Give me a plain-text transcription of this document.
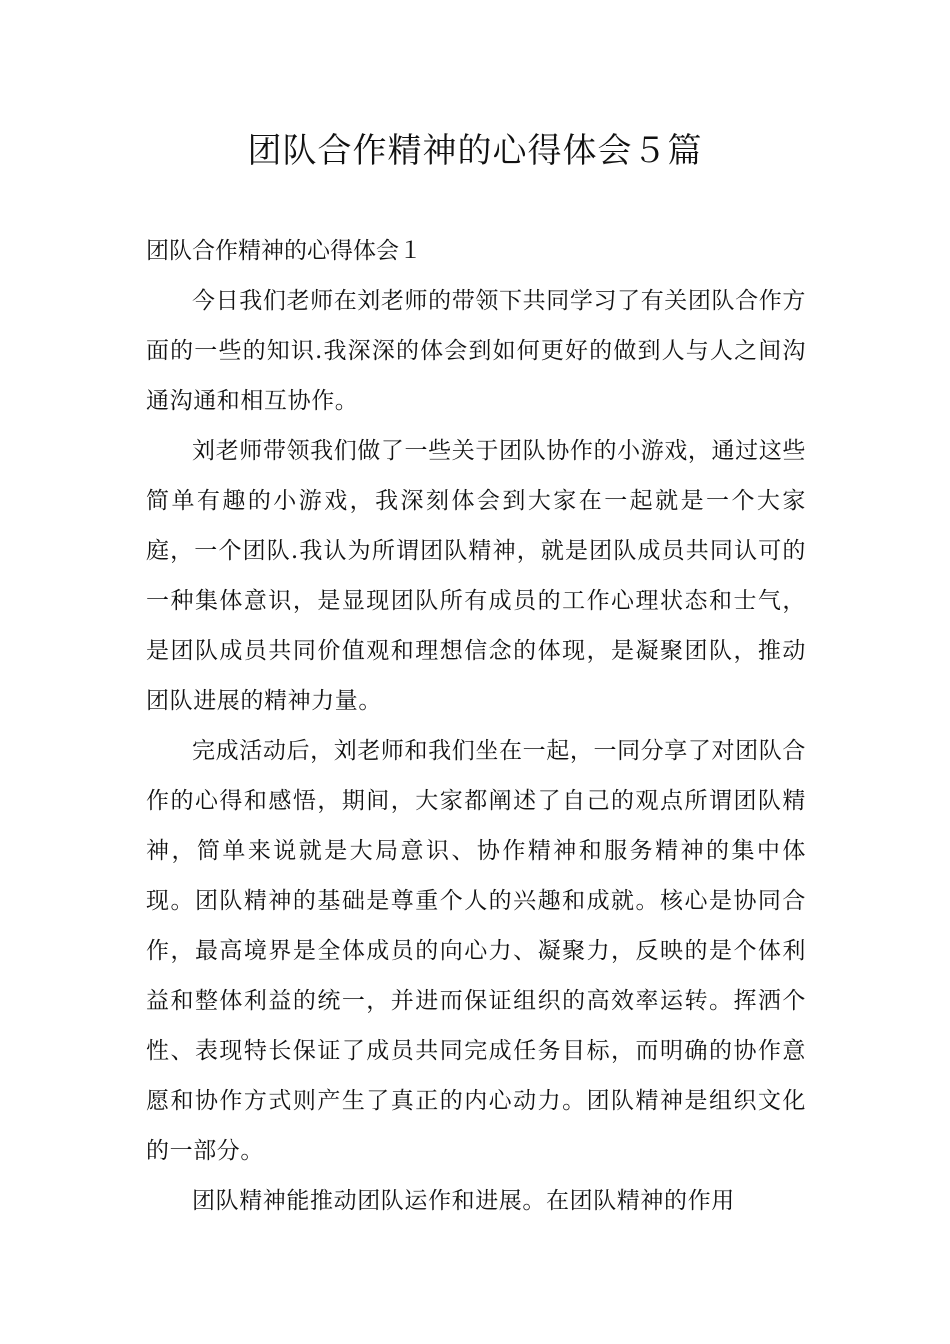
团队合作精神的心得体会５篇

团队合作精神的心得体会１

今日我们老师在刘老师的带领下共同学习了有关团队合作方面的一些的知识.我深深的体会到如何更好的做到人与人之间沟通沟通和相互协作。

刘老师带领我们做了一些关于团队协作的小游戏，通过这些简单有趣的小游戏，我深刻体会到大家在一起就是一个大家庭，一个团队.我认为所谓团队精神，就是团队成员共同认可的一种集体意识，是显现团队所有成员的工作心理状态和士气，是团队成员共同价值观和理想信念的体现，是凝聚团队，推动团队进展的精神力量。

完成活动后，刘老师和我们坐在一起，一同分享了对团队合作的心得和感悟，期间，大家都阐述了自己的观点所谓团队精神，简单来说就是大局意识、协作精神和服务精神的集中体现。团队精神的基础是尊重个人的兴趣和成就。核心是协同合作，最高境界是全体成员的向心力、凝聚力，反映的是个体利益和整体利益的统一，并进而保证组织的高效率运转。挥洒个性、表现特长保证了成员共同完成任务目标，而明确的协作意愿和协作方式则产生了真正的内心动力。团队精神是组织文化的一部分。

团队精神能推动团队运作和进展。在团队精神的作用
